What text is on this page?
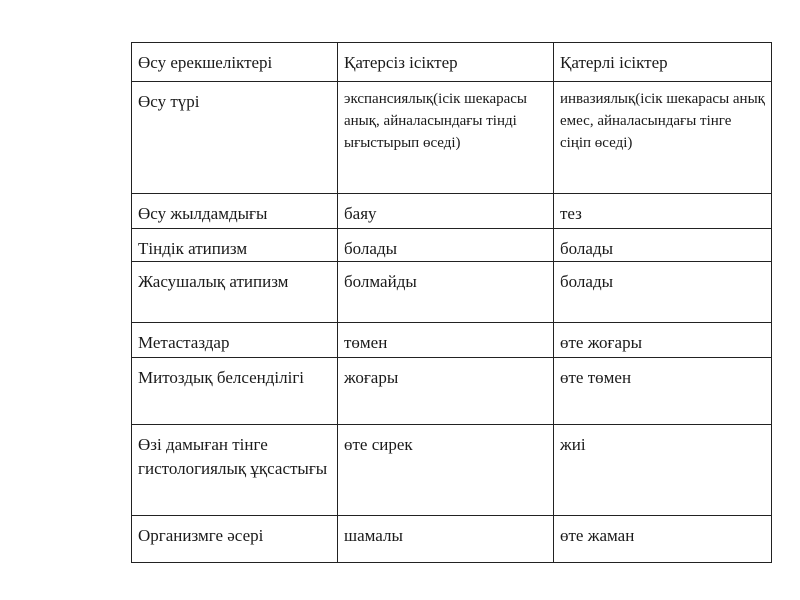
Өсу ерекшеліктері	Қатерсіз ісіктер	Қатерлі ісіктер
Өсу түрі	экспансиялық(ісік шекарасы анық, айналасындағы тінді ығыстырып өседі)	инвазиялық(ісік шекарасы анық емес, айналасындағы тінге сіңіп өседі)
Өсу жылдамдығы	баяу	тез
Тіндік атипизм	болады	болады
Жасушалық атипизм	болмайды	болады
Метастаздар	төмен	өте жоғары
Митоздық белсенділігі	жоғары	өте төмен
Өзі дамыған тінге гистологиялық ұқсастығы	өте сирек	жиі
Организмге әсері	шамалы	өте жаман
